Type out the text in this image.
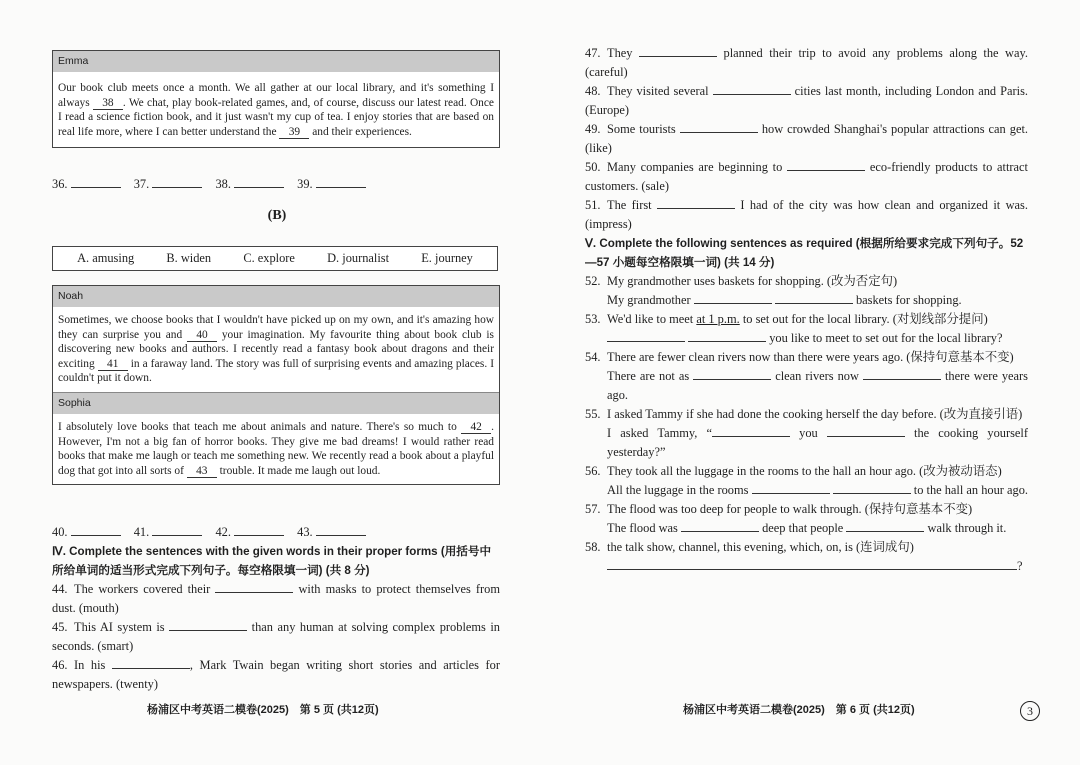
Emma
Our book club meets once a month. We all gather at our local library, and it's something I always 38 . We chat, play book-related games, and, of course, discuss our latest read. Once I read a science fiction book, and it just wasn't my cup of tea. I enjoy stories that are based on real life more, where I can better understand the 39 and their experiences.
36.	37.	38.	39.
(B)
A. amusing	B. widen	C. explore	D. journalist	E. journey
Noah
Sometimes, we choose books that I wouldn't have picked up on my own, and it's amazing how they can surprise you and 40 your imagination. My favourite thing about book club is discovering new books and authors. I recently read a fantasy book about dragons and their exciting 41 in a faraway land. The story was full of surprising events and amazing places. I couldn't put it down.
Sophia
I absolutely love books that teach me about animals and nature. There's so much to 42 . However, I'm not a big fan of horror books. They give me bad dreams! I would rather read books that make me laugh or teach me something new. We recently read a book about a playful dog that got into all sorts of 43 trouble. It made me laugh out loud.
40.	41.	42.	43.
Ⅳ. Complete the sentences with the given words in their proper forms (用括号中所给单词的适当形式完成下列句子。每空格限填一词) (共 8 分)
44. The workers covered their	with masks to protect themselves from dust. (mouth)
45. This AI system is	than any human at solving complex problems in seconds. (smart)
46. In his	, Mark Twain began writing short stories and articles for newspapers. (twenty)
杨浦区中考英语二模卷(2025)　第 5 页 (共12页)
47. They	planned their trip to avoid any problems along the way. (careful)
48. They visited several	cities last month, including London and Paris. (Europe)
49. Some tourists	how crowded Shanghai's popular attractions can get. (like)
50. Many companies are beginning to	eco-friendly products to attract customers. (sale)
51. The first	I had of the city was how clean and organized it was. (impress)
Ⅴ. Complete the following sentences as required (根据所给要求完成下列句子。52—57 小题每空格限填一词) (共 14 分)
52. My grandmother uses baskets for shopping. (改为否定句)
My grandmother	baskets for shopping.
53. We'd like to meet at 1 p.m. to set out for the local library. (对划线部分提问)
you like to meet to set out for the local library?
54. There are fewer clean rivers now than there were years ago. (保持句意基本不变)
There are not as	clean rivers now	there were years ago.
55. I asked Tammy if she had done the cooking herself the day before. (改为直接引语)
I asked Tammy, “	you	the cooking yourself yesterday?”
56. They took all the luggage in the rooms to the hall an hour ago. (改为被动语态)
All the luggage in the rooms	to the hall an hour ago.
57. The flood was too deep for people to walk through. (保持句意基本不变)
The flood was	deep that people	walk through it.
58. the talk show, channel, this evening, which, on, is (连词成句)
?
杨浦区中考英语二模卷(2025)　第 6 页 (共12页)	3
